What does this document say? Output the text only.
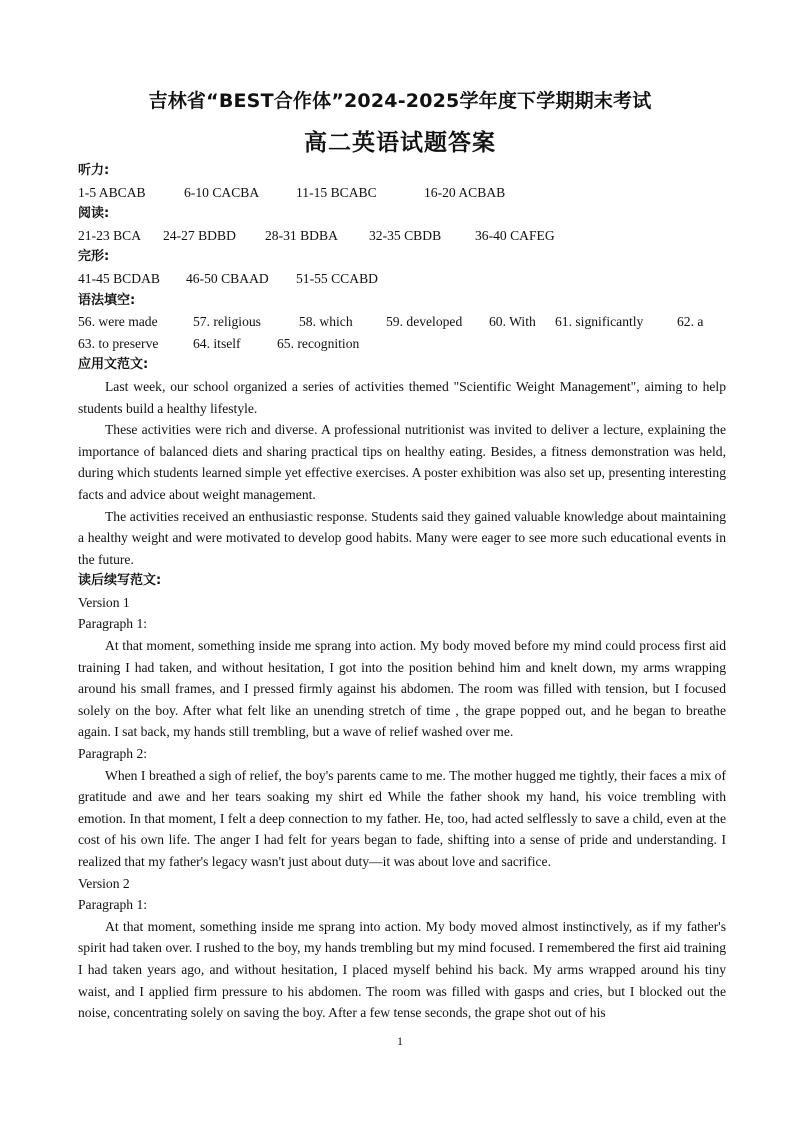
吉林省“BEST合作体”2024-2025学年度下学期期末考试
高二英语试题答案
听力:
1-5 ABCAB	6-10 CACBA	11-15 BCABC	16-20 ACBAB
阅读:
21-23 BCA 24-27 BDBD 28-31 BDBA 32-35 CBDB 36-40 CAFEG
完形:
41-45 BCDAB 46-50 CBAAD 51-55 CCABD
语法填空:
56. were made	57. religious	58. which 59. developed 60. With 61. significantly 62. a
63. to preserve	64. itself	65. recognition
应用文范文:

Last week, our school organized a series of activities themed "Scientific Weight Management", aiming to help students build a healthy lifestyle.

These activities were rich and diverse. A professional nutritionist was invited to deliver a lecture, explaining the importance of balanced diets and sharing practical tips on healthy eating. Besides, a fitness demonstration was held, during which students learned simple yet effective exercises. A poster exhibition was also set up, presenting interesting facts and advice about weight management.

The activities received an enthusiastic response. Students said they gained valuable knowledge about maintaining a healthy weight and were motivated to develop good habits. Many were eager to see more such educational events in the future.

读后续写范文:

Version 1

Paragraph 1:

At that moment, something inside me sprang into action. My body moved before my mind could process first aid training I had taken, and without hesitation, I got into the position behind him and knelt down, my arms wrapping around his small frames, and I pressed firmly against his abdomen. The room was filled with tension, but I focused solely on the boy. After what felt like an unending stretch of time , the grape popped out, and he began to breathe again. I sat back, my hands still trembling, but a wave of relief washed over me.

Paragraph 2:

When I breathed a sigh of relief, the boy's parents came to me. The mother hugged me tightly, their faces a mix of gratitude and awe and her tears soaking my shirt ed While the father shook my hand, his voice trembling with emotion. In that moment, I felt a deep connection to my father. He, too, had acted selflessly to save a child, even at the cost of his own life. The anger I had felt for years began to fade, shifting into a sense of pride and understanding. I realized that my father's legacy wasn't just about duty—it was about love and sacrifice.

Version 2

Paragraph 1:

At that moment, something inside me sprang into action. My body moved almost instinctively, as if my father's spirit had taken over. I rushed to the boy, my hands trembling but my mind focused. I remembered the first aid training I had taken years ago, and without hesitation, I placed myself behind his back. My arms wrapped around his tiny waist, and I applied firm pressure to his abdomen. The room was filled with gasps and cries, but I blocked out the noise, concentrating solely on saving the boy. After a few tense seconds, the grape shot out of his

1
